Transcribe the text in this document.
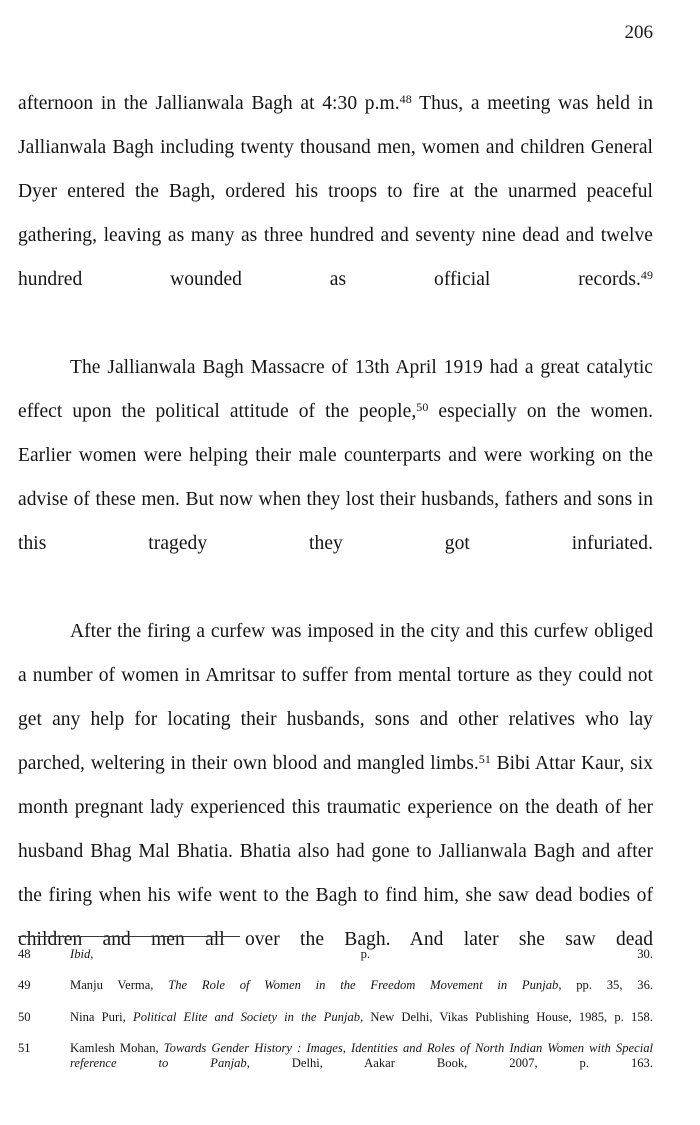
206

afternoon in the Jallianwala Bagh at 4:30 p.m.$^{48}$ Thus, a meeting was held in Jallianwala Bagh including twenty thousand men, women and children General Dyer entered the Bagh, ordered his troops to fire at the unarmed peaceful gathering, leaving as many as three hundred and seventy nine dead and twelve hundred wounded as official records.$^{49}$

The Jallianwala Bagh Massacre of 13th April 1919 had a great catalytic effect upon the political attitude of the people,$^{50}$ especially on the women. Earlier women were helping their male counterparts and were working on the advise of these men. But now when they lost their husbands, fathers and sons in this tragedy they got infuriated.

After the firing a curfew was imposed in the city and this curfew obliged a number of women in Amritsar to suffer from mental torture as they could not get any help for locating their husbands, sons and other relatives who lay parched, weltering in their own blood and mangled limbs.$^{51}$ Bibi Attar Kaur, six month pregnant lady experienced this traumatic experience on the death of her husband Bhag Mal Bhatia. Bhatia also had gone to Jallianwala Bagh and after the firing when his wife went to the Bagh to find him, she saw dead bodies of children and men all over the Bagh. And later she saw dead

48	Ibid, p. 30.
49	Manju Verma, The Role of Women in the Freedom Movement in Punjab, pp. 35, 36.
50	Nina Puri, Political Elite and Society in the Punjab, New Delhi, Vikas Publishing House, 1985, p. 158.
51	Kamlesh Mohan, Towards Gender History : Images, Identities and Roles of North Indian Women with Special reference to Panjab, Delhi, Aakar Book, 2007, p. 163.
